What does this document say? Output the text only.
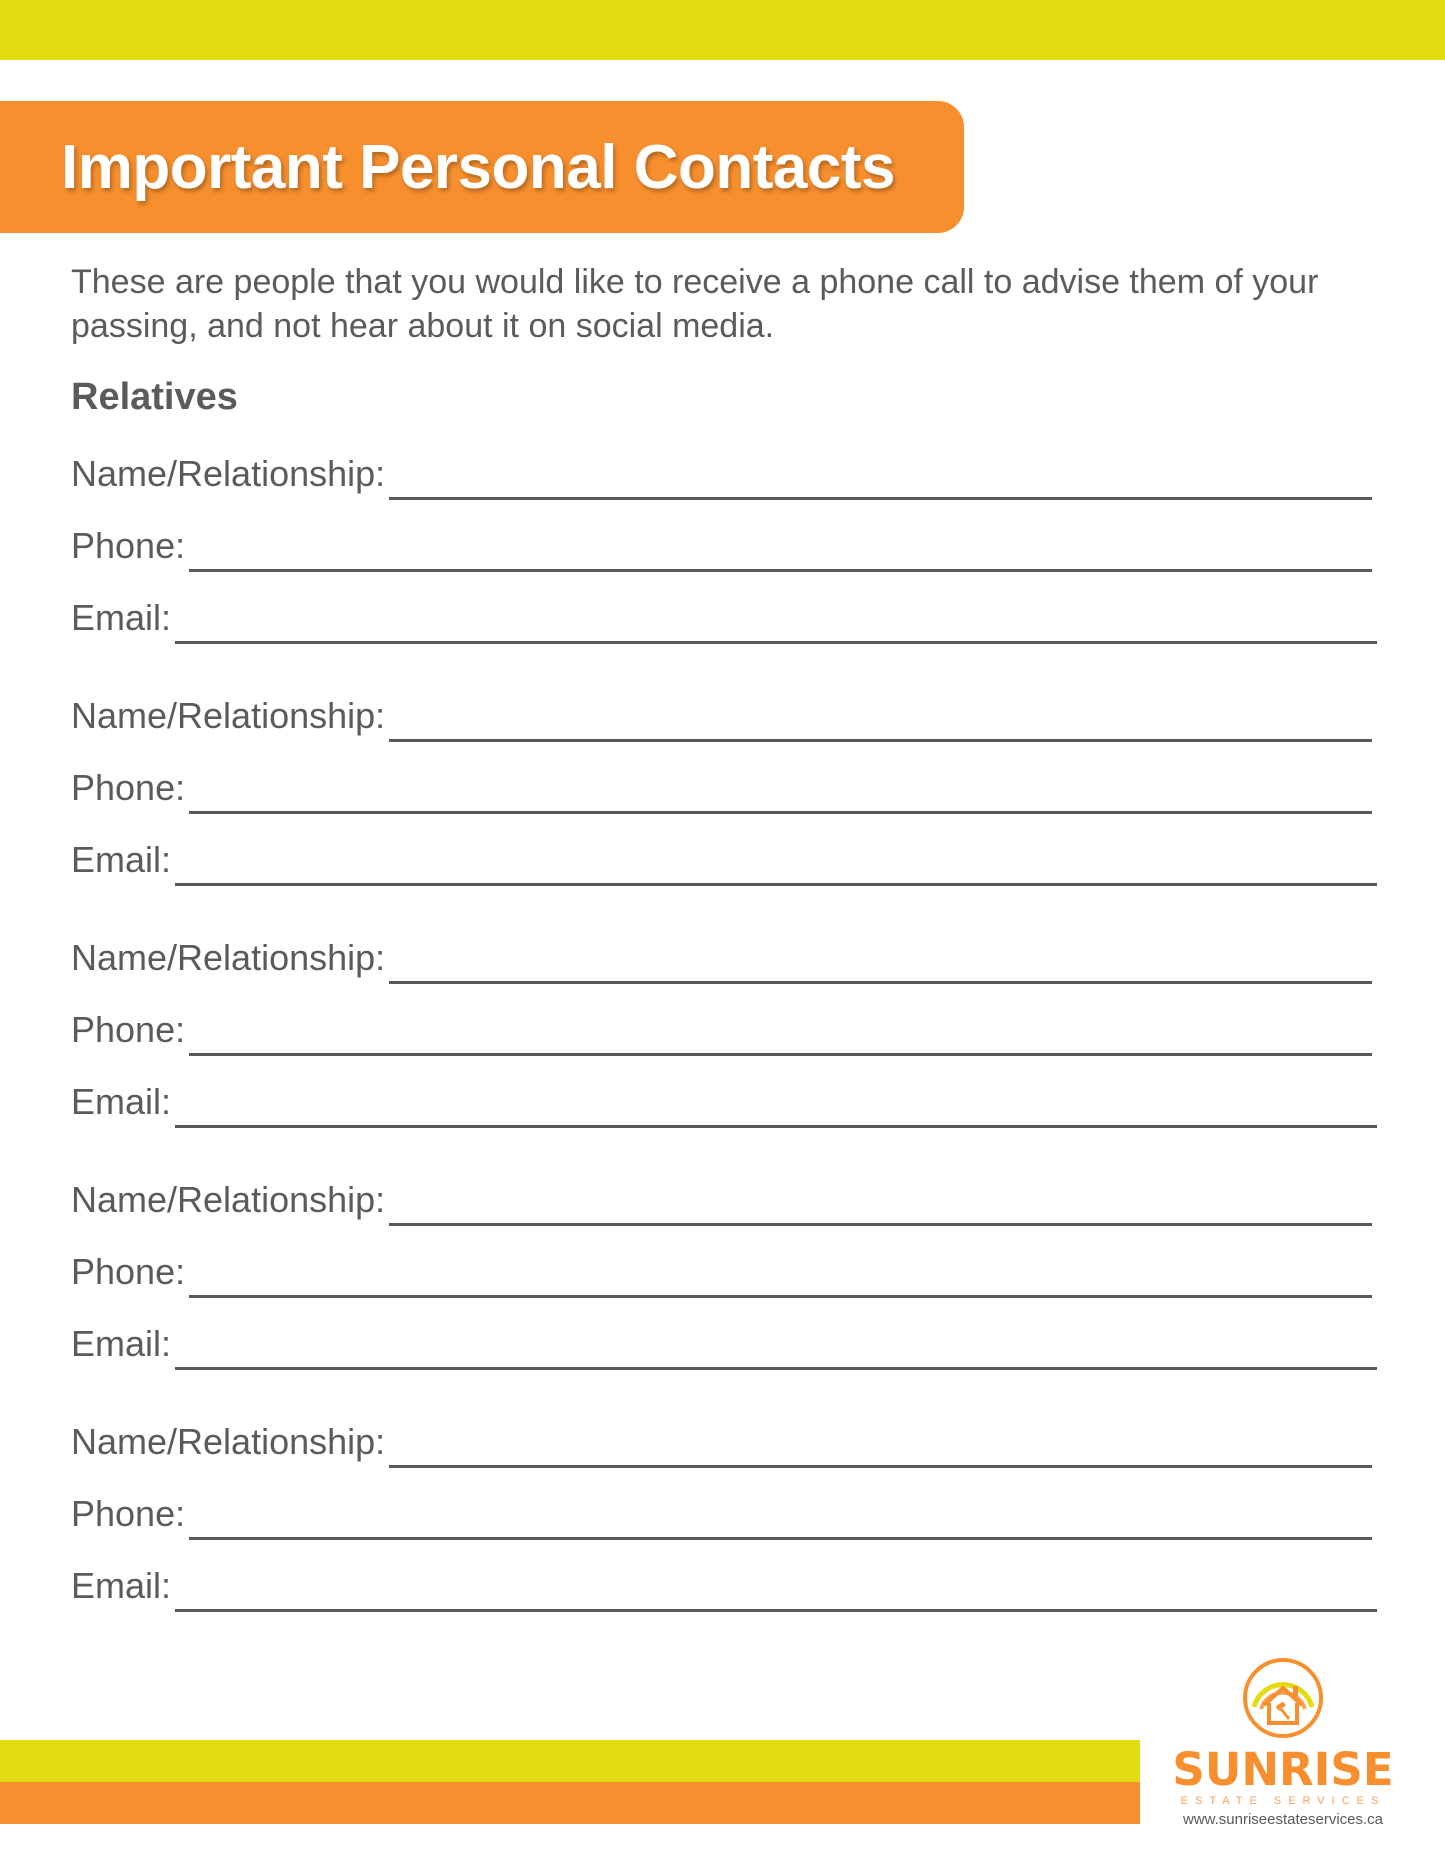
Important Personal Contacts

These are people that you would like to receive a phone call to advise them of your passing, and not hear about it on social media.

Relatives
Name/Relationship:
Phone:
Email:
Name/Relationship:
Phone:
Email:
Name/Relationship:
Phone:
Email:
Name/Relationship:
Phone:
Email:
Name/Relationship:
Phone:
Email:
SUNRISE
ESTATE SERVICES
www.sunriseestateservices.ca
